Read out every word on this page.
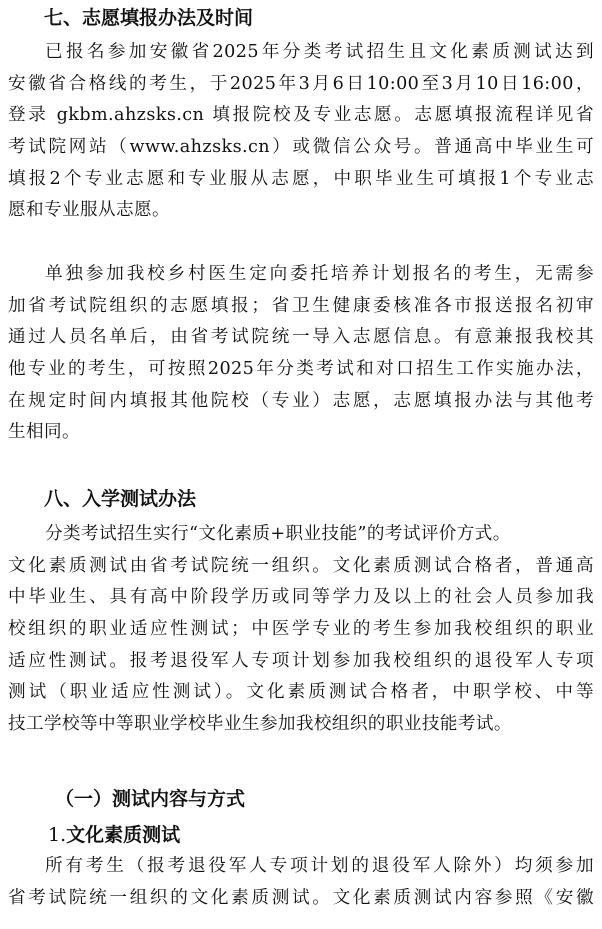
七、志愿填报办法及时间
已报名参加安徽省2025年分类考试招生且文化素质测试达到
安徽省合格线的考生，于2025年3月6日10:00至3月10日16:00，
登录 gkbm.ahzsks.cn 填报院校及专业志愿。志愿填报流程详见省
考试院网站（www.ahzsks.cn）或微信公众号。普通高中毕业生可
填报2个专业志愿和专业服从志愿，中职毕业生可填报1个专业志
愿和专业服从志愿。
单独参加我校乡村医生定向委托培养计划报名的考生，无需参
加省考试院组织的志愿填报；省卫生健康委核准各市报送报名初审
通过人员名单后，由省考试院统一导入志愿信息。有意兼报我校其
他专业的考生，可按照2025年分类考试和对口招生工作实施办法，
在规定时间内填报其他院校（专业）志愿，志愿填报办法与其他考
生相同。
八、入学测试办法
分类考试招生实行“文化素质+职业技能”的考试评价方式。
文化素质测试由省考试院统一组织。文化素质测试合格者，普通高
中毕业生、具有高中阶段学历或同等学力及以上的社会人员参加我
校组织的职业适应性测试；中医学专业的考生参加我校组织的职业
适应性测试。报考退役军人专项计划参加我校组织的退役军人专项
测试（职业适应性测试）。文化素质测试合格者，中职学校、中等
技工学校等中等职业学校毕业生参加我校组织的职业技能考试。
（一）测试内容与方式
1.文化素质测试
所有考生（报考退役军人专项计划的退役军人除外）均须参加
省考试院统一组织的文化素质测试。文化素质测试内容参照《安徽
